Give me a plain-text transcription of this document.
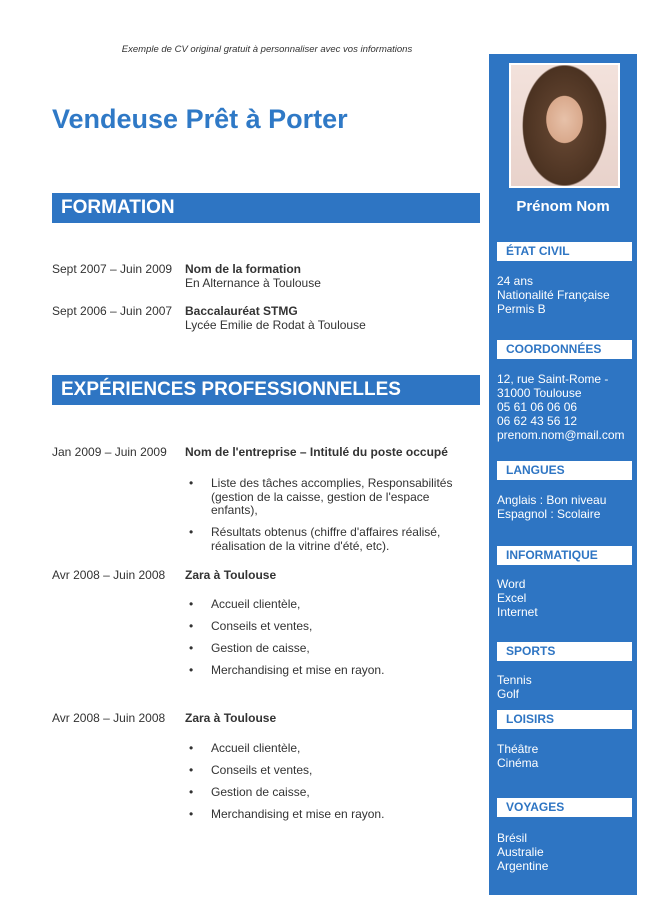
Exemple de CV original gratuit à personnaliser avec vos informations
Vendeuse Prêt à Porter
FORMATION
Sept 2007 – Juin 2009 Nom de la formation
En Alternance à Toulouse
Sept 2006 – Juin 2007 Baccalauréat STMG
Lycée Emilie de Rodat à Toulouse
EXPÉRIENCES PROFESSIONNELLES
Jan 2009 – Juin 2009 Nom de l'entreprise – Intitulé du poste occupé
• Liste des tâches accomplies, Responsabilités (gestion de la caisse, gestion de l'espace enfants),
• Résultats obtenus (chiffre d'affaires réalisé, réalisation de la vitrine d'été, etc).
Avr 2008 – Juin 2008 Zara à Toulouse
• Accueil clientèle,
• Conseils et ventes,
• Gestion de caisse,
• Merchandising et mise en rayon.
Avr 2008 – Juin 2008 Zara à Toulouse
• Accueil clientèle,
• Conseils et ventes,
• Gestion de caisse,
• Merchandising et mise en rayon.
Prénom Nom
ÉTAT CIVIL
24 ans
Nationalité Française
Permis B
COORDONNÉES
12, rue Saint-Rome -
31000 Toulouse
05 61 06 06 06
06 62 43 56 12
prenom.nom@mail.com
LANGUES
Anglais : Bon niveau
Espagnol : Scolaire
INFORMATIQUE
Word
Excel
Internet
SPORTS
Tennis
Golf
LOISIRS
Théâtre
Cinéma
VOYAGES
Brésil
Australie
Argentine
